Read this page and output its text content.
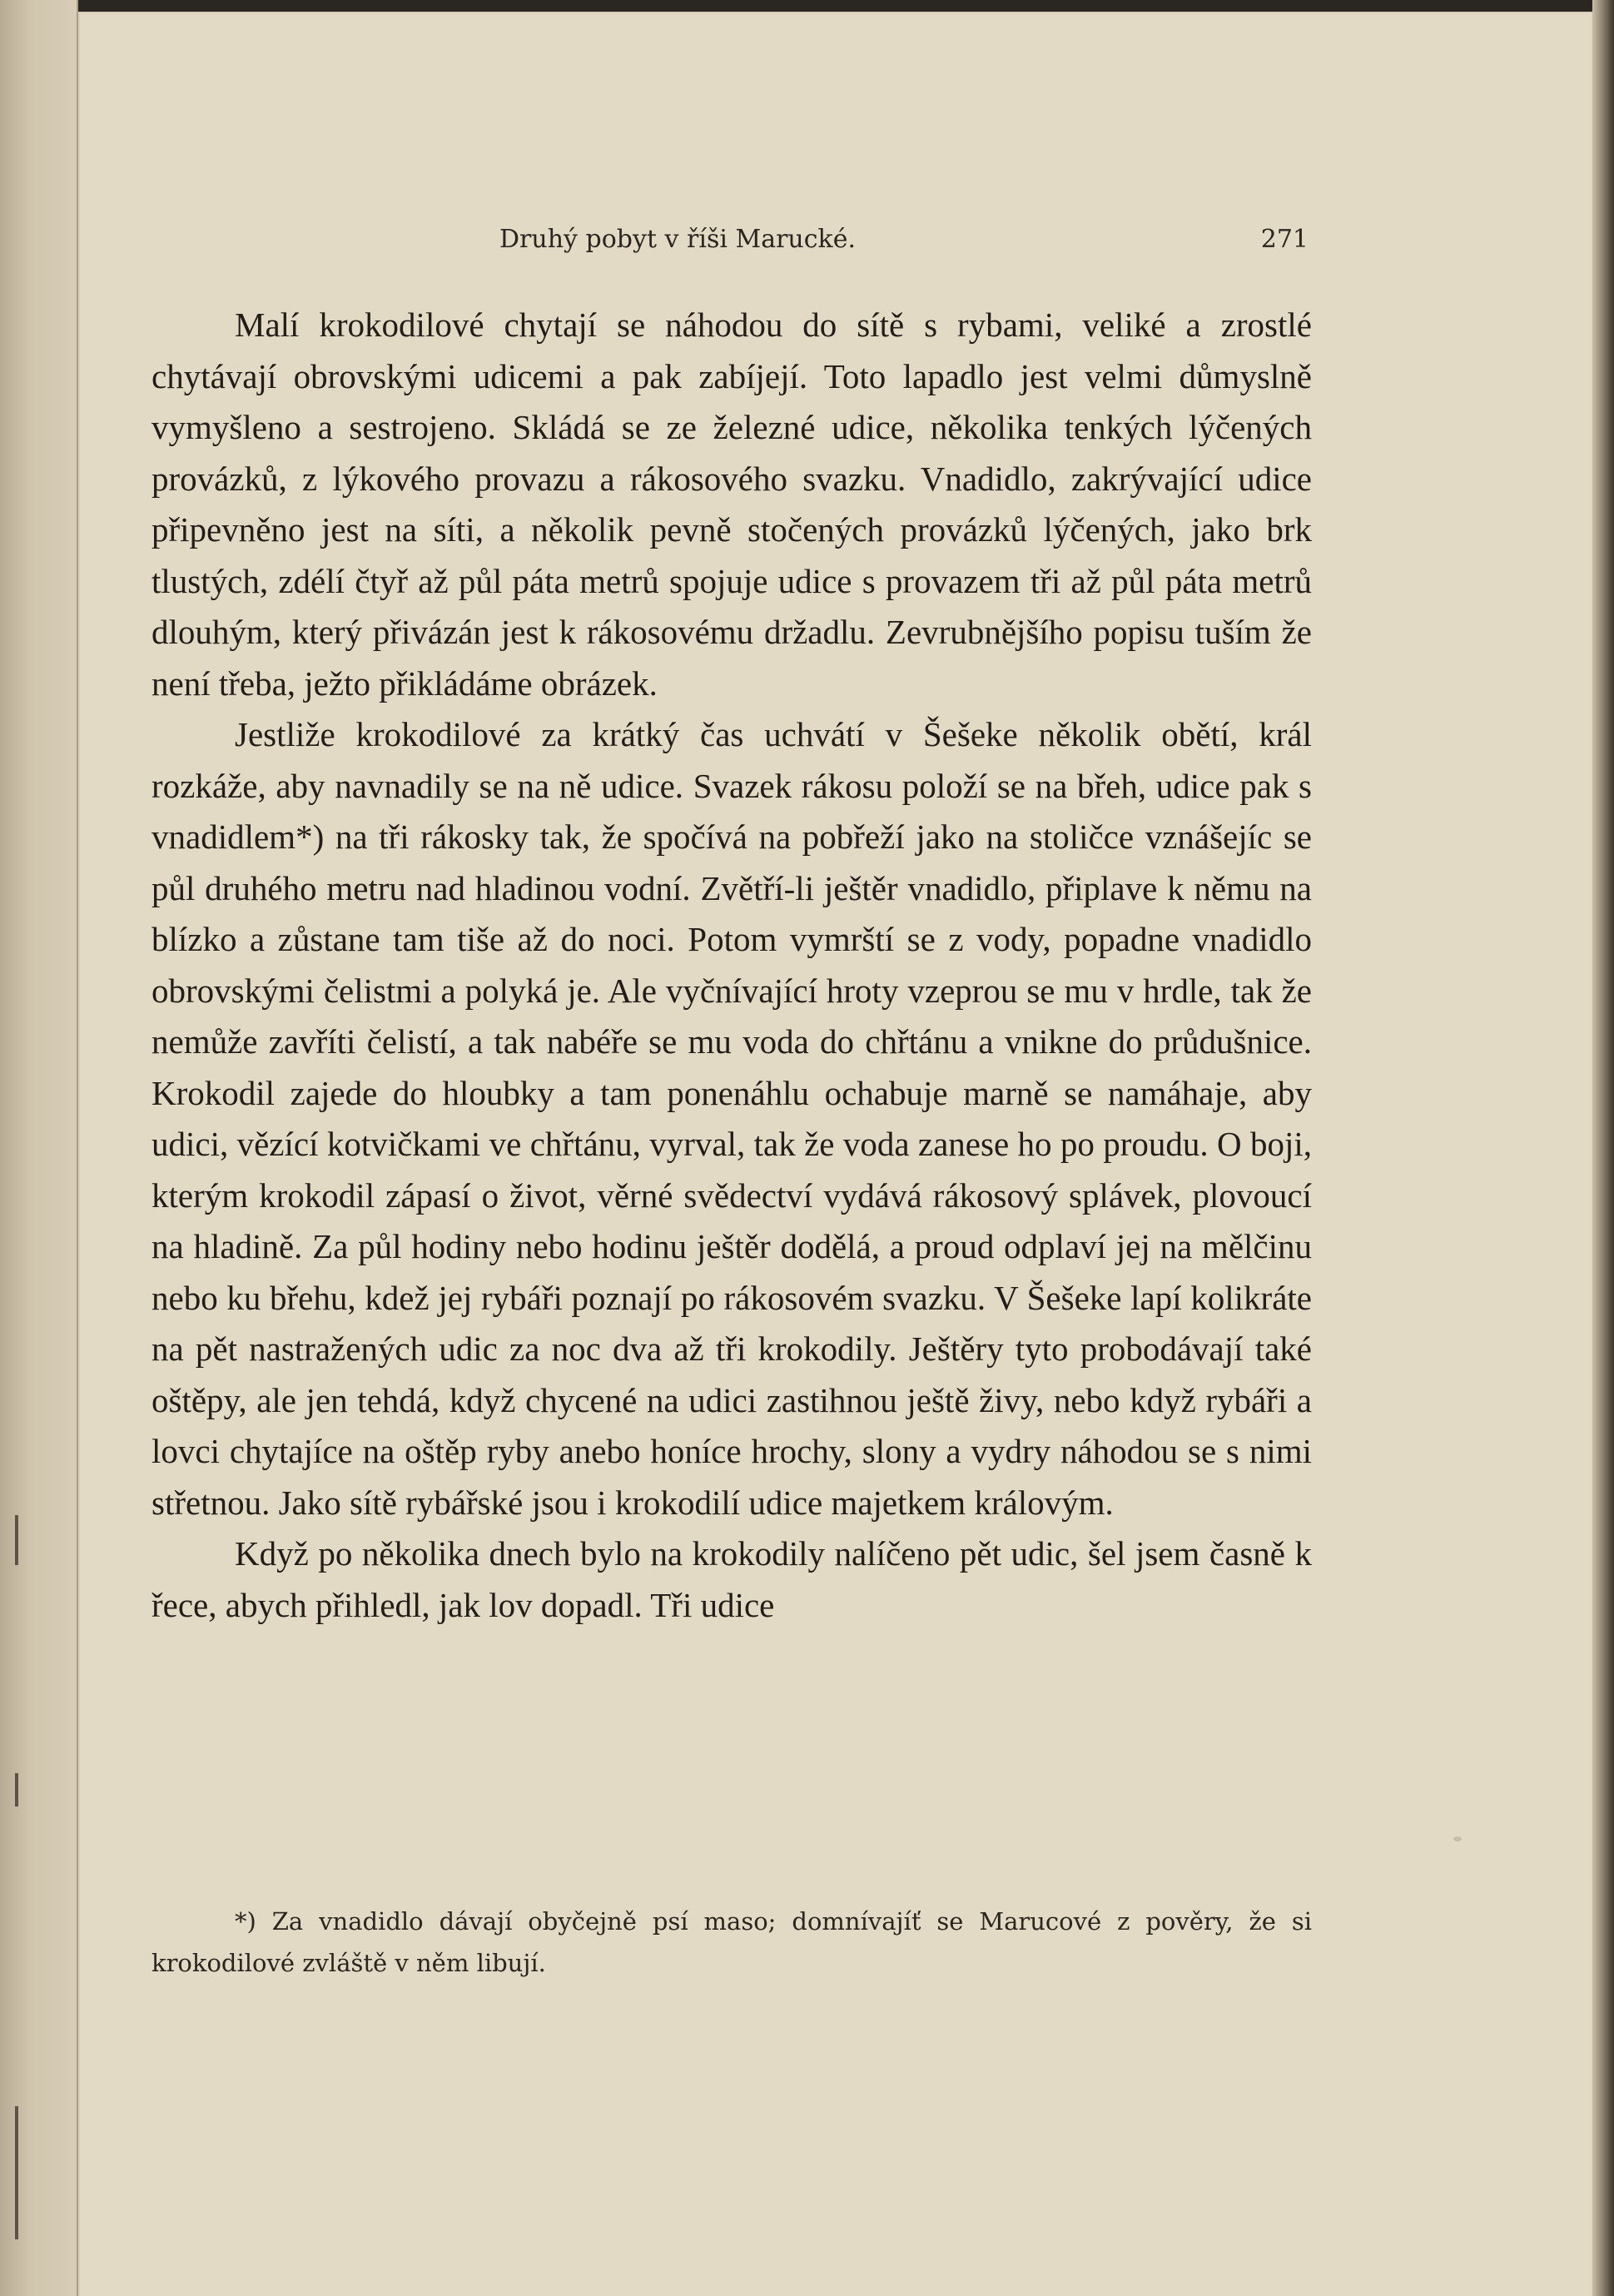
Druhý pobyt v říši Marucké.	271

Malí krokodilové chytají se náhodou do sítě s rybami, veliké a zrostlé chytávají obrovskými udicemi a pak zabíjejí. Toto lapadlo jest velmi důmyslně vymyšleno a sestrojeno. Skládá se ze železné udice, několika tenkých lýčených provázků, z lýkového provazu a rákosového svazku. Vnadidlo, zakrývající udice připevněno jest na síti, a několik pevně stočených provázků lýčených, jako brk tlustých, zdélí čtyř až půl páta metrů spojuje udice s provazem tři až půl páta metrů dlouhým, který přivázán jest k rákosovému držadlu. Zevrubnějšího popisu tuším že není třeba, ježto přikládáme obrázek.

Jestliže krokodilové za krátký čas uchvátí v Šešeke několik obětí, král rozkáže, aby navnadily se na ně udice. Svazek rákosu položí se na břeh, udice pak s vnadidlem*) na tři rákosky tak, že spočívá na pobřeží jako na stoličce vznášejíc se půl druhého metru nad hladinou vodní. Zvětří-li ještěr vnadidlo, připlave k němu na blízko a zůstane tam tiše až do noci. Potom vymrští se z vody, popadne vnadidlo obrovskými čelistmi a polyká je. Ale vyčnívající hroty vzeprou se mu v hrdle, tak že nemůže zavříti čelistí, a tak nabéře se mu voda do chřtánu a vnikne do průdušnice. Krokodil zajede do hloubky a tam ponenáhlu ochabuje marně se namáhaje, aby udici, vězící kotvičkami ve chřtánu, vyrval, tak že voda zanese ho po proudu. O boji, kterým krokodil zápasí o život, věrné svědectví vydává rákosový splávek, plovoucí na hladině. Za půl hodiny nebo hodinu ještěr dodělá, a proud odplaví jej na mělčinu nebo ku břehu, kdež jej rybáři poznají po rákosovém svazku. V Šešeke lapí kolikráte na pět nastražených udic za noc dva až tři krokodily. Ještěry tyto probodávají také oštěpy, ale jen tehdá, když chycené na udici zastihnou ještě živy, nebo když rybáři a lovci chytajíce na oštěp ryby anebo honíce hrochy, slony a vydry náhodou se s nimi střetnou. Jako sítě rybářské jsou i krokodilí udice majetkem královým.

Když po několika dnech bylo na krokodily nalíčeno pět udic, šel jsem časně k řece, abych přihledl, jak lov dopadl. Tři udice

*) Za vnadidlo dávají obyčejně psí maso; domnívajíť se Marucové z pověry, že si krokodilové zvláště v něm libují.
